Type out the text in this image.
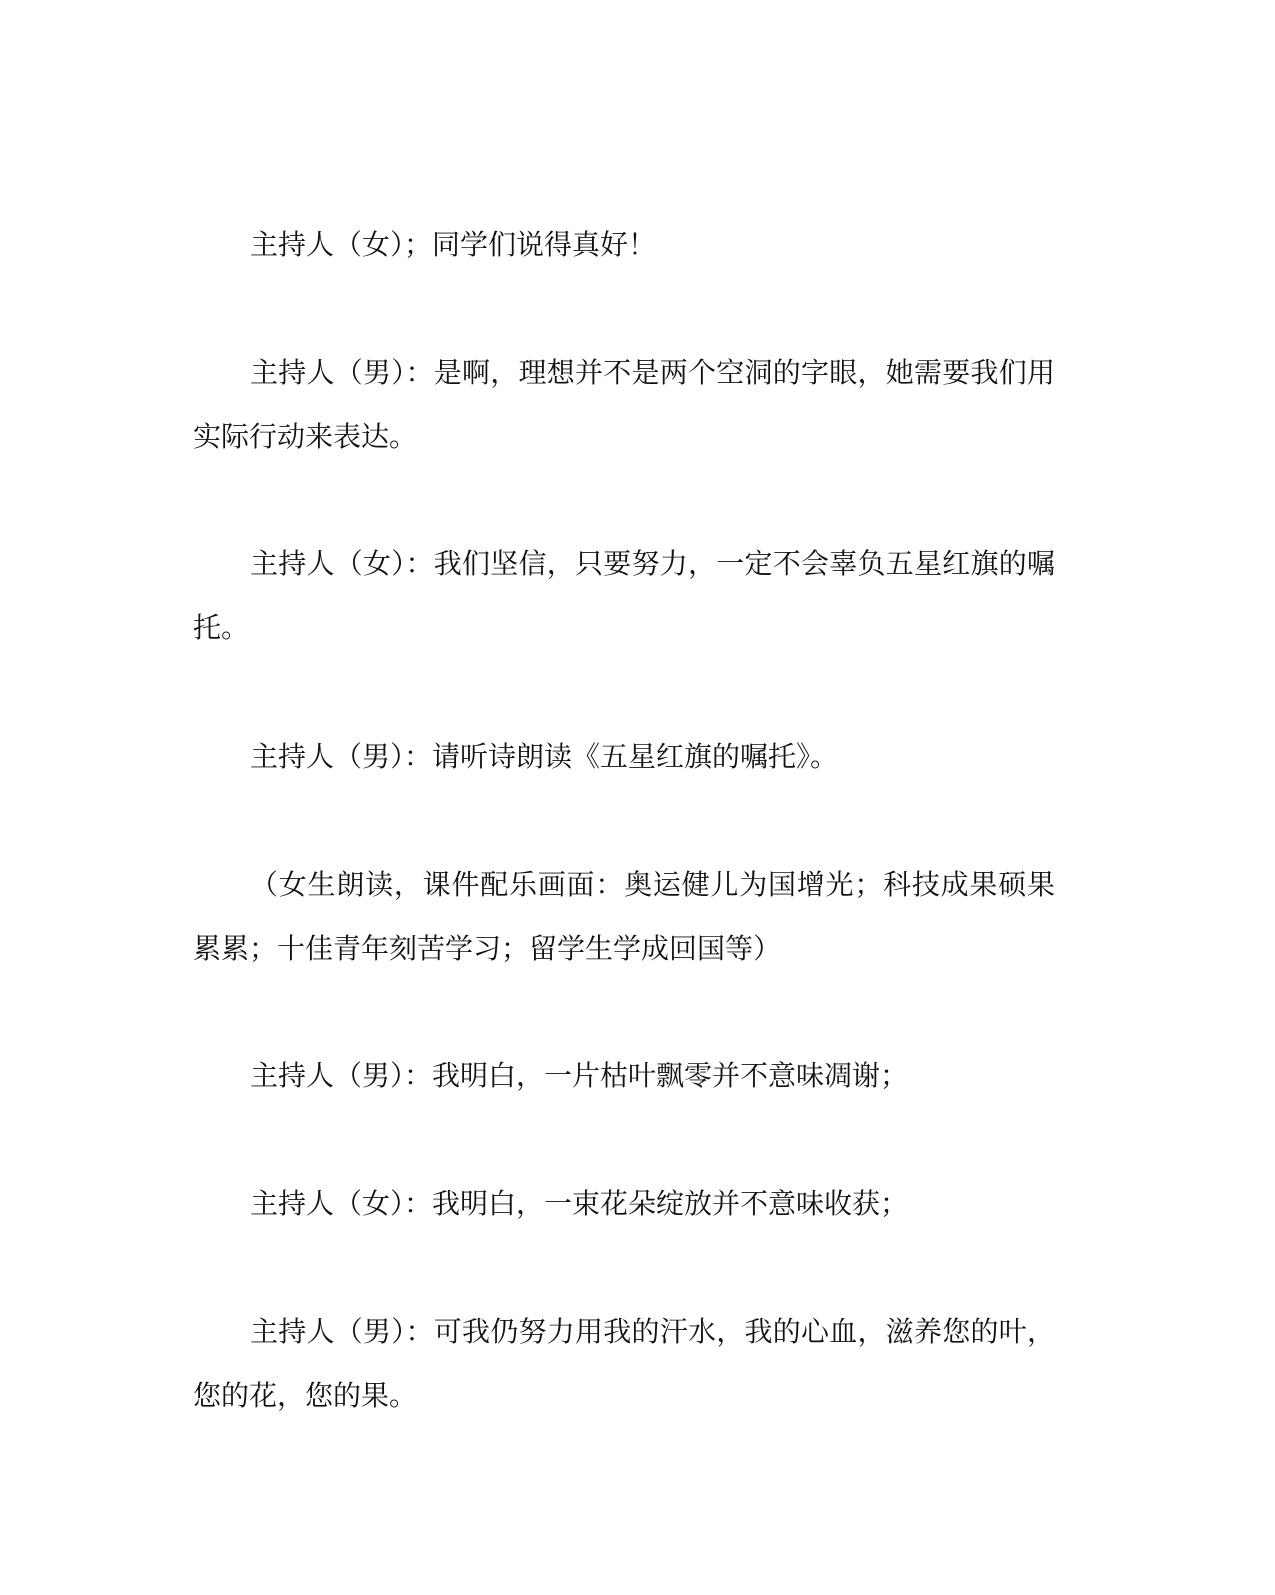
主持人（女）；同学们说得真好！

主持人（男）：是啊，理想并不是两个空洞的字眼，她需要我们用实际行动来表达。

主持人（女）：我们坚信，只要努力，一定不会辜负五星红旗的嘱托。

主持人（男）：请听诗朗读《五星红旗的嘱托》。

（女生朗读，课件配乐画面：奥运健儿为国增光；科技成果硕果累累；十佳青年刻苦学习；留学生学成回国等）

主持人（男）：我明白，一片枯叶飘零并不意味凋谢；

主持人（女）：我明白，一束花朵绽放并不意味收获；

主持人（男）：可我仍努力用我的汗水，我的心血，滋养您的叶，您的花，您的果。
